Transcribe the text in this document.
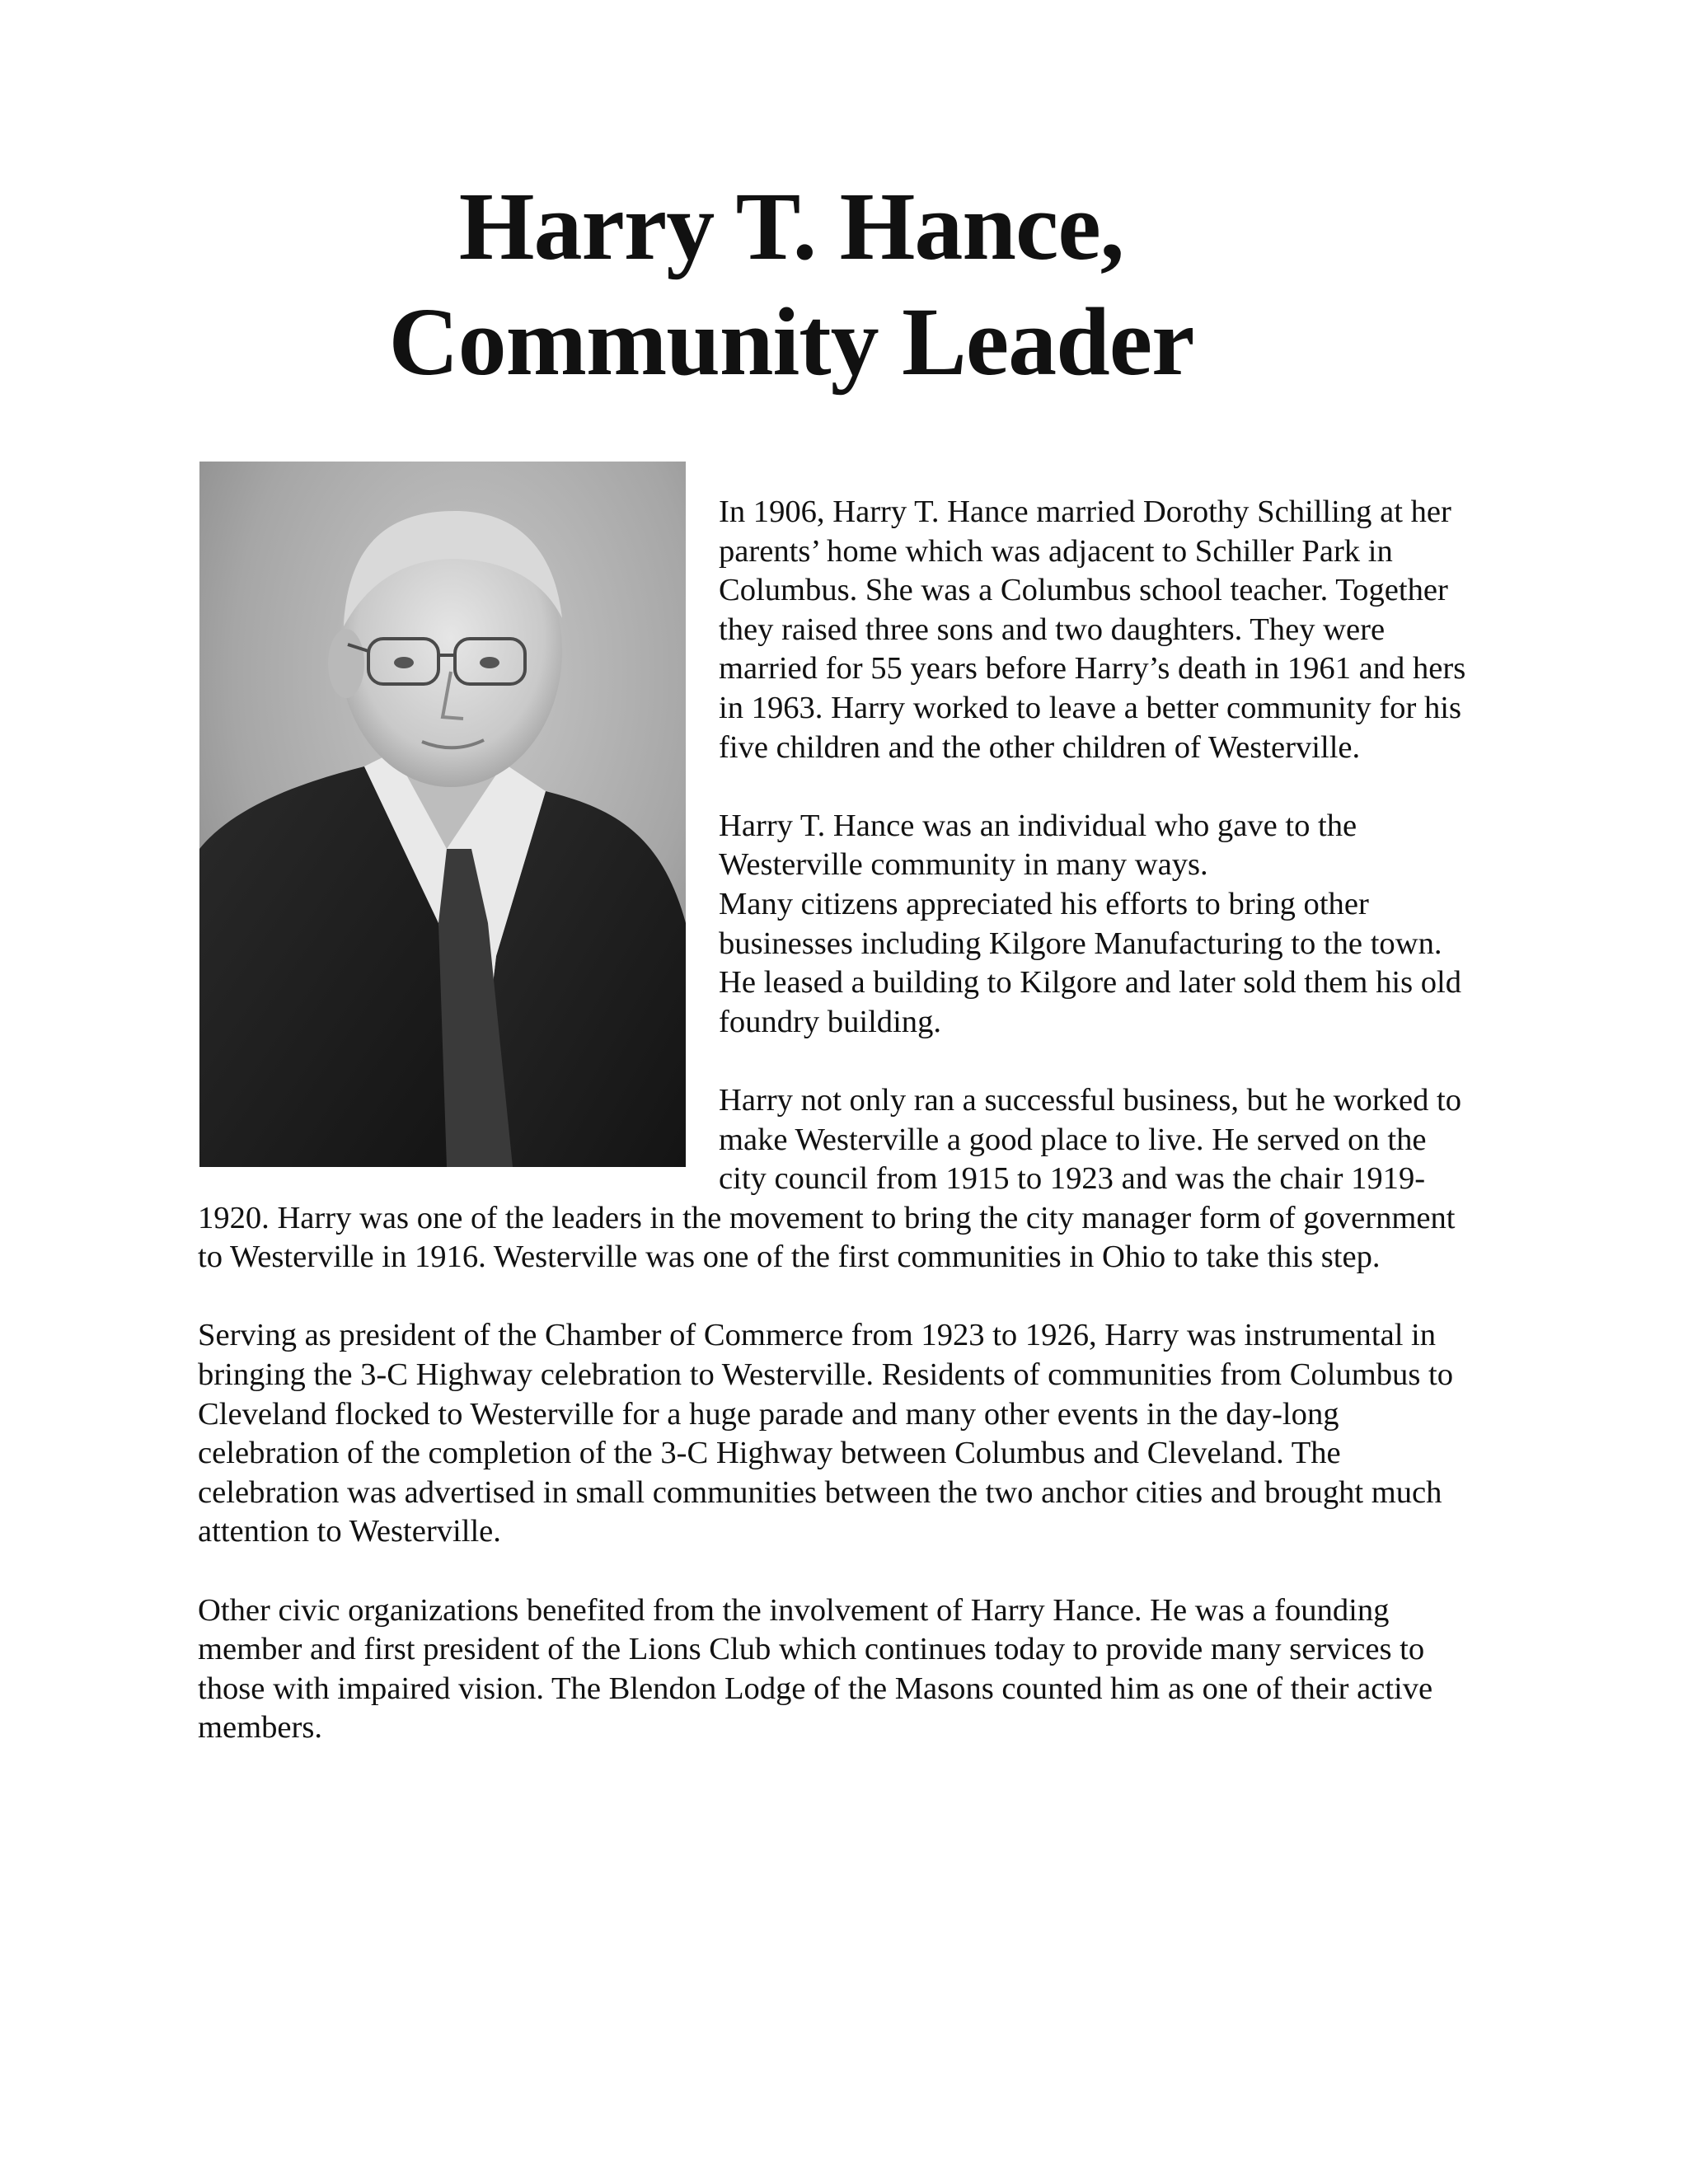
Harry T. Hance,
Community Leader

In 1906, Harry T. Hance married Dorothy Schilling at her
parents’ home which was adjacent to Schiller Park in
Columbus. She was a Columbus school teacher. Together
they raised three sons and two daughters. They were
married for 55 years before Harry’s death in 1961 and hers
in 1963. Harry worked to leave a better community for his
five children and the other children of Westerville.

Harry T. Hance was an individual who gave to the
Westerville community in many ways.
Many citizens appreciated his efforts to bring other
businesses including Kilgore Manufacturing to the town.
He leased a building to Kilgore and later sold them his old
foundry building.

Harry not only ran a successful business, but he worked to
make Westerville a good place to live. He served on the
city council from 1915 to 1923 and was the chair 1919-
1920. Harry was one of the leaders in the movement to bring the city manager form of government
to Westerville in 1916. Westerville was one of the first communities in Ohio to take this step.

Serving as president of the Chamber of Commerce from 1923 to 1926, Harry was instrumental in
bringing the 3-C Highway celebration to Westerville. Residents of communities from Columbus to
Cleveland flocked to Westerville for a huge parade and many other events in the day-long
celebration of the completion of the 3-C Highway between Columbus and Cleveland. The
celebration was advertised in small communities between the two anchor cities and brought much
attention to Westerville.

Other civic organizations benefited from the involvement of Harry Hance. He was a founding
member and first president of the Lions Club which continues today to provide many services to
those with impaired vision. The Blendon Lodge of the Masons counted him as one of their active
members.
